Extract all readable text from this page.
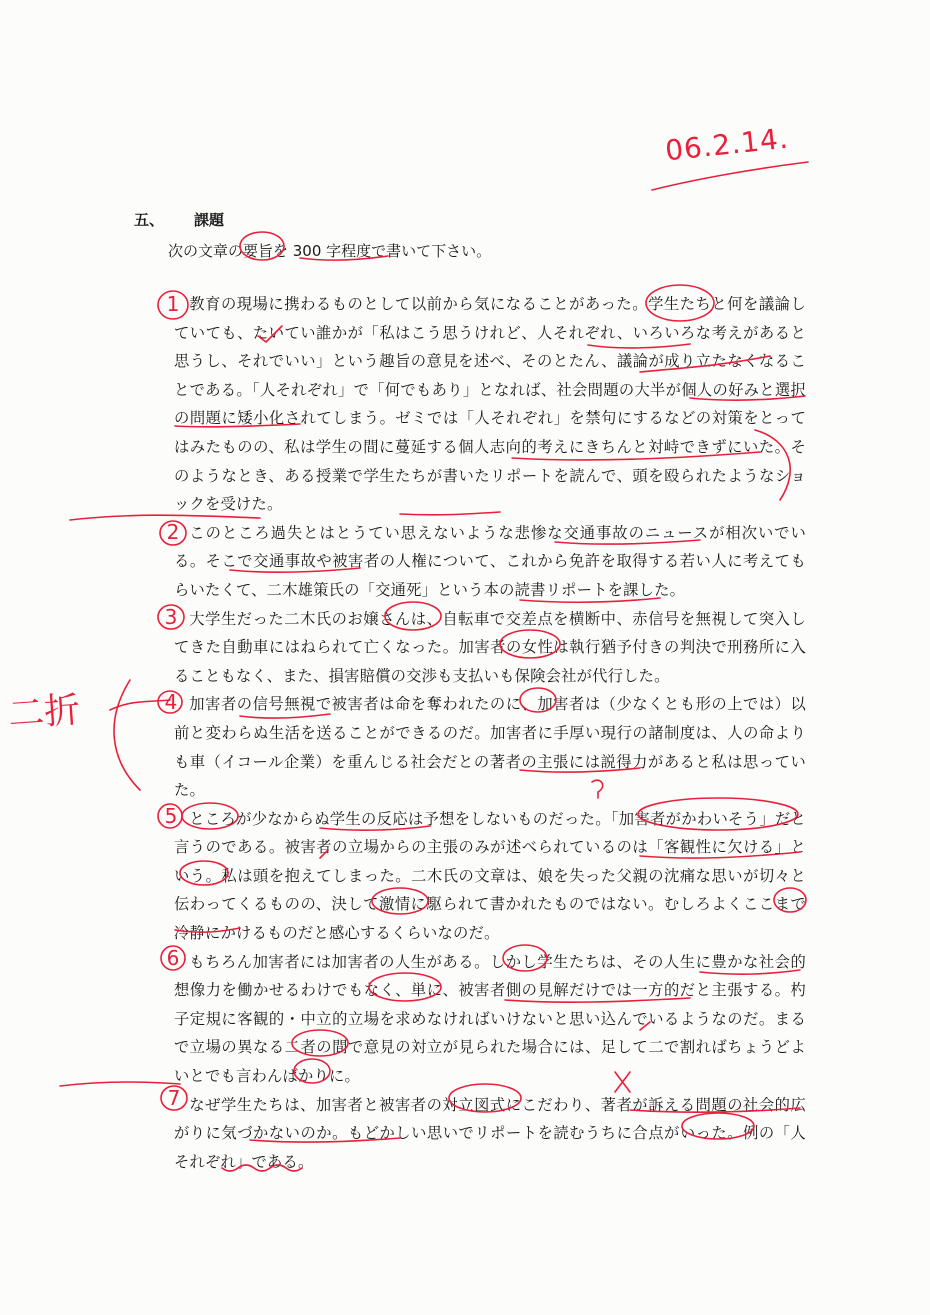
06.2.14.
五、 課題
次の文章の要旨を 300 字程度で書いて下さい。

教育の現場に携わるものとして以前から気になることがあった。学生たちと何を議論していても、たいてい誰かが「私はこう思うけれど、人それぞれ、いろいろな考えがあると思うし、それでいい」という趣旨の意見を述べ、そのとたん、議論が成り立たなくなることである。「人それぞれ」で「何でもあり」となれば、社会問題の大半が個人の好みと選択の問題に矮小化されてしまう。ゼミでは「人それぞれ」を禁句にするなどの対策をとってはみたものの、私は学生の間に蔓延する個人志向的考えにきちんと対峙できずにいた。そのようなとき、ある授業で学生たちが書いたリポートを読んで、頭を殴られたようなショックを受けた。

このところ過失とはとうてい思えないような悲惨な交通事故のニュースが相次いでいる。そこで交通事故や被害者の人権について、これから免許を取得する若い人に考えてもらいたくて、二木雄策氏の「交通死」という本の読書リポートを課した。

大学生だった二木氏のお嬢さんは、自転車で交差点を横断中、赤信号を無視して突入してきた自動車にはねられて亡くなった。加害者の女性は執行猶予付きの判決で刑務所に入ることもなく、また、損害賠償の交渉も支払いも保険会社が代行した。

加害者の信号無視で被害者は命を奪われたのに、加害者は（少なくとも形の上では）以前と変わらぬ生活を送ることができるのだ。加害者に手厚い現行の諸制度は、人の命よりも車（イコール企業）を重んじる社会だとの著者の主張には説得力があると私は思っていた。

ところが少なからぬ学生の反応は予想をしないものだった。「加害者がかわいそう」だと言うのである。被害者の立場からの主張のみが述べられているのは「客観性に欠ける」という。私は頭を抱えてしまった。二木氏の文章は、娘を失った父親の沈痛な思いが切々と伝わってくるものの、決して激情に駆られて書かれたものではない。むしろよくここまで冷静にかけるものだと感心するくらいなのだ。

もちろん加害者には加害者の人生がある。しかし学生たちは、その人生に豊かな社会的想像力を働かせるわけでもなく、単に、被害者側の見解だけでは一方的だと主張する。杓子定規に客観的・中立的立場を求めなければいけないと思い込んでいるようなのだ。まるで立場の異なる二者の間で意見の対立が見られた場合には、足して二で割ればちょうどよいとでも言わんばかりに。

なぜ学生たちは、加害者と被害者の対立図式にこだわり、著者が訴える問題の社会的広がりに気づかないのか。もどかしい思いでリポートを読むうちに合点がいった。例の「人それぞれ」である。

1
2
3
4
5
6
7
二折
